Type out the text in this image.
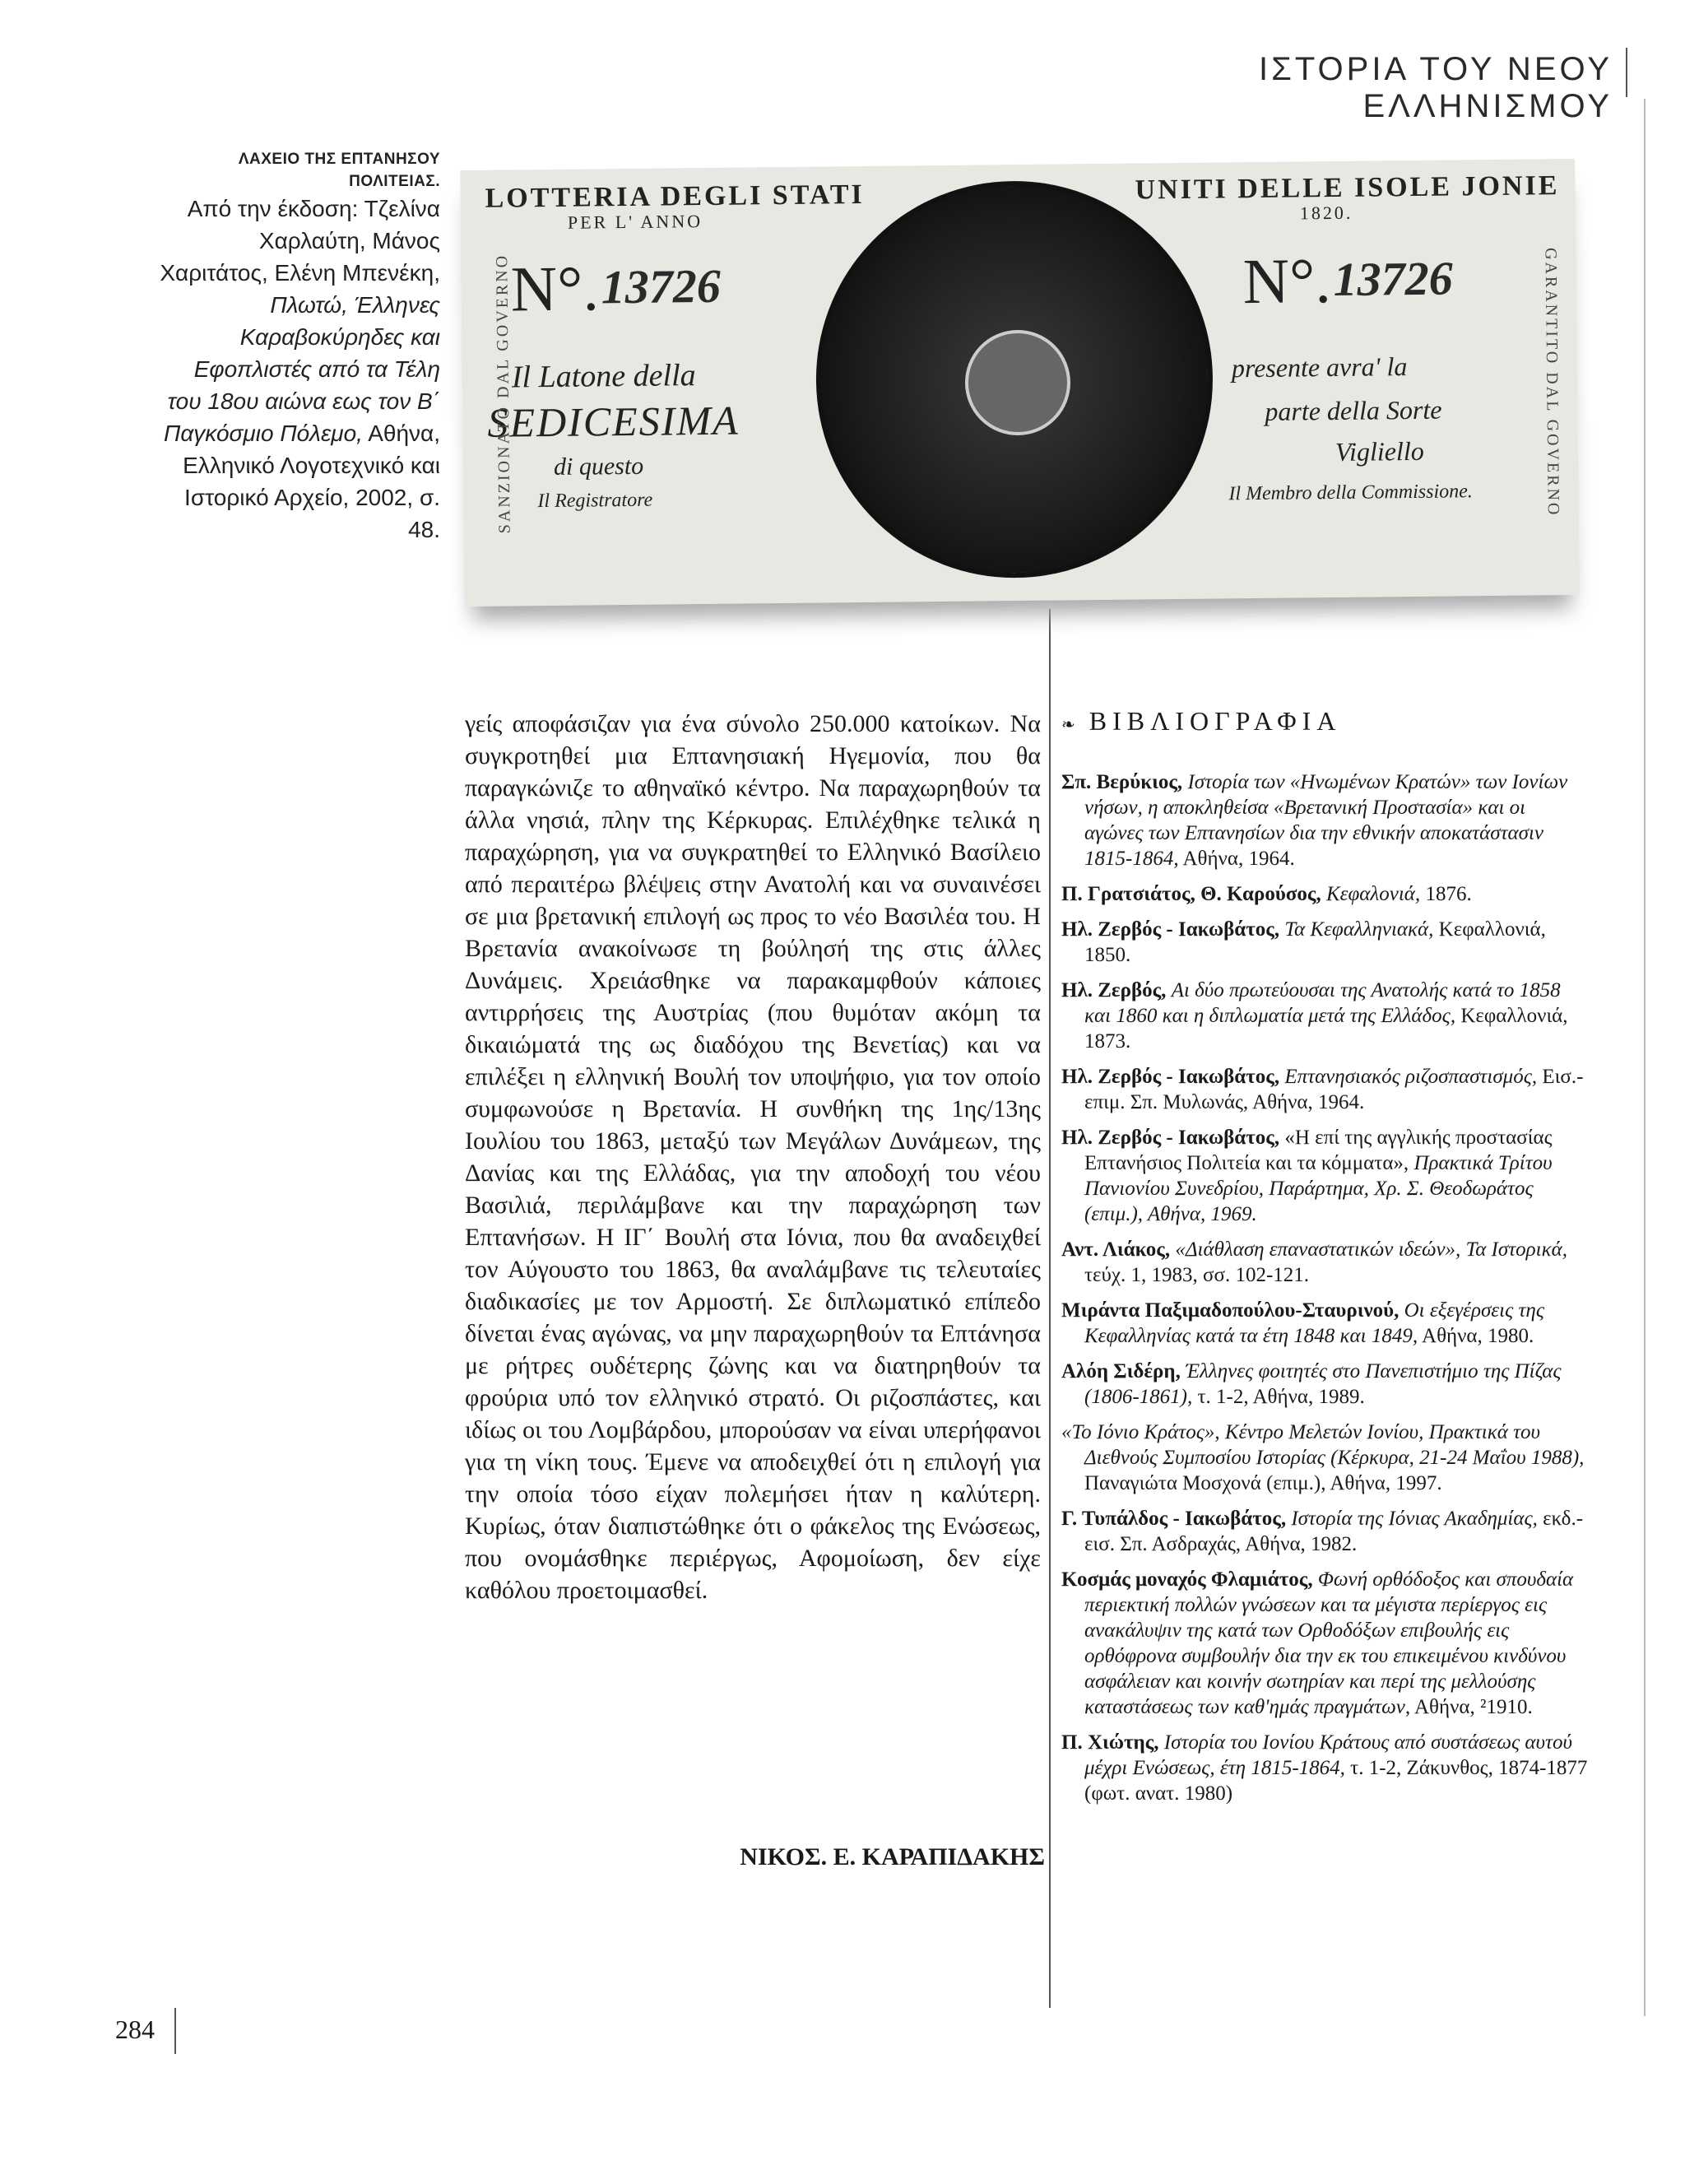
ΙΣΤΟΡΙΑ ΤΟΥ ΝΕΟΥ ΕΛΛΗΝΙΣΜΟΥ
ΛΑΧΕΙΟ ΤΗΣ ΕΠΤΑΝΗΣΟΥ ΠΟΛΙΤΕΙΑΣ.
Από την έκδοση: Τζελίνα Χαρλαύτη, Μάνος Χαριτάτος, Ελένη Μπενέκη, Πλωτώ, Έλληνες Καραβοκύρηδες και Εφοπλιστές από τα Τέλη του 18ου αιώνα εως τον Β΄ Παγκόσμιο Πόλεμο, Αθήνα, Ελληνικό Λογοτεχνικό και Ιστορικό Αρχείο, 2002, σ. 48.
LOTTERIA DEGLI STATI
PER L' ANNO
UNITI DELLE ISOLE JONIE
1820.
N°. 13726	N°. 13726
Il Latone della
SEDICESIMA
di questo
Il Registratore
presente avra' la
parte della Sorte
Vigliello
Il Membro della Commissione.
SANZIONATO DAL GOVERNO	GARANTITO DAL GOVERNO

γείς αποφάσιζαν για ένα σύνολο 250.000 κατοίκων. Να συγκροτηθεί μια Επτανησιακή Ηγεμονία, που θα παραγκώνιζε το αθηναϊκό κέντρο. Να παραχωρηθούν τα άλλα νησιά, πλην της Κέρκυρας. Επιλέχθηκε τελικά η παραχώρηση, για να συγκρατηθεί το Ελληνικό Βασίλειο από περαιτέρω βλέψεις στην Ανατολή και να συναινέσει σε μια βρετανική επιλογή ως προς το νέο Βασιλέα του. Η Βρετανία ανακοίνωσε τη βούλησή της στις άλλες Δυνάμεις. Χρειάσθηκε να παρακαμφθούν κάποιες αντιρρήσεις της Αυστρίας (που θυμόταν ακόμη τα δικαιώματά της ως διαδόχου της Βενετίας) και να επιλέξει η ελληνική Βουλή τον υποψήφιο, για τον οποίο συμφωνούσε η Βρετανία. Η συνθήκη της 1ης/13ης Ιουλίου του 1863, μεταξύ των Μεγάλων Δυνάμεων, της Δανίας και της Ελλάδας, για την αποδοχή του νέου Βασιλιά, περιλάμβανε και την παραχώρηση των Επτανήσων. Η ΙΓ΄ Βουλή στα Ιόνια, που θα αναδειχθεί τον Αύγουστο του 1863, θα αναλάμβανε τις τελευταίες διαδικασίες με τον Αρμοστή. Σε διπλωματικό επίπεδο δίνεται ένας αγώνας, να μην παραχωρηθούν τα Επτάνησα με ρήτρες ουδέτερης ζώνης και να διατηρηθούν τα φρούρια υπό τον ελληνικό στρατό. Οι ριζοσπάστες, και ιδίως οι του Λομβάρδου, μπορούσαν να είναι υπερήφανοι για τη νίκη τους. Έμενε να αποδειχθεί ότι η επιλογή για την οποία τόσο είχαν πολεμήσει ήταν η καλύτερη. Κυρίως, όταν διαπιστώθηκε ότι ο φάκελος της Ενώσεως, που ονομάσθηκε περιέργως, Αφομοίωση, δεν είχε καθόλου προετοιμασθεί.

ΝΙΚΟΣ. Ε. ΚΑΡΑΠΙΔΑΚΗΣ
❧ ΒΙΒΛΙΟΓΡΑΦΙΑ
Σπ. Βερύκιος, Ιστορία των «Ηνωμένων Κρατών» των Ιονίων νήσων, η αποκληθείσα «Βρετανική Προστασία» και οι αγώνες των Επτανησίων δια την εθνικήν αποκατάστασιν 1815-1864, Αθήνα, 1964.
Π. Γρατσιάτος, Θ. Καρούσος, Κεφαλονιά, 1876.
Ηλ. Ζερβός - Ιακωβάτος, Τα Κεφαλληνιακά, Κεφαλλονιά, 1850.
Ηλ. Ζερβός, Αι δύο πρωτεύουσαι της Ανατολής κατά το 1858 και 1860 και η διπλωματία μετά της Ελλάδος, Κεφαλλονιά, 1873.
Ηλ. Ζερβός - Ιακωβάτος, Επτανησιακός ριζοσπαστισμός, Εισ.-επιμ. Σπ. Μυλωνάς, Αθήνα, 1964.
Ηλ. Ζερβός - Ιακωβάτος, «Η επί της αγγλικής προστασίας Επτανήσιος Πολιτεία και τα κόμματα», Πρακτικά Τρίτου Πανιονίου Συνεδρίου, Παράρτημα, Χρ. Σ. Θεοδωράτος (επιμ.), Αθήνα, 1969.
Αντ. Λιάκος, «Διάθλαση επαναστατικών ιδεών», Τα Ιστορικά, τεύχ. 1, 1983, σσ. 102-121.
Μιράντα Παξιμαδοπούλου-Σταυρινού, Οι εξεγέρσεις της Κεφαλληνίας κατά τα έτη 1848 και 1849, Αθήνα, 1980.
Αλόη Σιδέρη, Έλληνες φοιτητές στο Πανεπιστήμιο της Πίζας (1806-1861), τ. 1-2, Αθήνα, 1989.
«Το Ιόνιο Κράτος», Κέντρο Μελετών Ιονίου, Πρακτικά του Διεθνούς Συμποσίου Ιστορίας (Κέρκυρα, 21-24 Μαΐου 1988), Παναγιώτα Μοσχονά (επιμ.), Αθήνα, 1997.
Γ. Τυπάλδος - Ιακωβάτος, Ιστορία της Ιόνιας Ακαδημίας, εκδ.-εισ. Σπ. Ασδραχάς, Αθήνα, 1982.
Κοσμάς μοναχός Φλαμιάτος, Φωνή ορθόδοξος και σπουδαία περιεκτική πολλών γνώσεων και τα μέγιστα περίεργος εις ανακάλυψιν της κατά των Ορθοδόξων επιβουλής εις ορθόφρονα συμβουλήν δια την εκ του επικειμένου κινδύνου ασφάλειαν και κοινήν σωτηρίαν και περί της μελλούσης καταστάσεως των καθ'ημάς πραγμάτων, Αθήνα, ²1910.
Π. Χιώτης, Ιστορία του Ιονίου Κράτους από συστάσεως αυτού μέχρι Ενώσεως, έτη 1815-1864, τ. 1-2, Ζάκυνθος, 1874-1877 (φωτ. ανατ. 1980)
284
